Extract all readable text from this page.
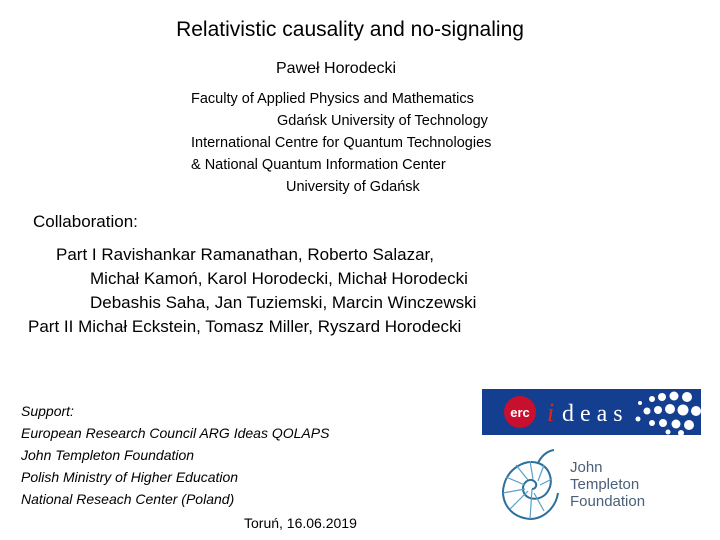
Relativistic causality and no-signaling
Paweł Horodecki
Faculty of Applied Physics and Mathematics
Gdańsk University of Technology
International Centre for Quantum Technologies
& National Quantum Information Center
University of Gdańsk
Collaboration:
Part I Ravishankar Ramanathan, Roberto Salazar,
Michał Kamoń, Karol Horodecki, Michał Horodecki
Debashis Saha, Jan Tuziemski, Marcin Winczewski
Part II Michał Eckstein, Tomasz Miller, Ryszard Horodecki
Support:
European Research Council ARG Ideas QOLAPS
John Templeton Foundation
Polish Ministry of Higher Education
National Reseach Center (Poland)
Toruń, 16.06.2019
erc i deas
John
Templeton
Foundation
